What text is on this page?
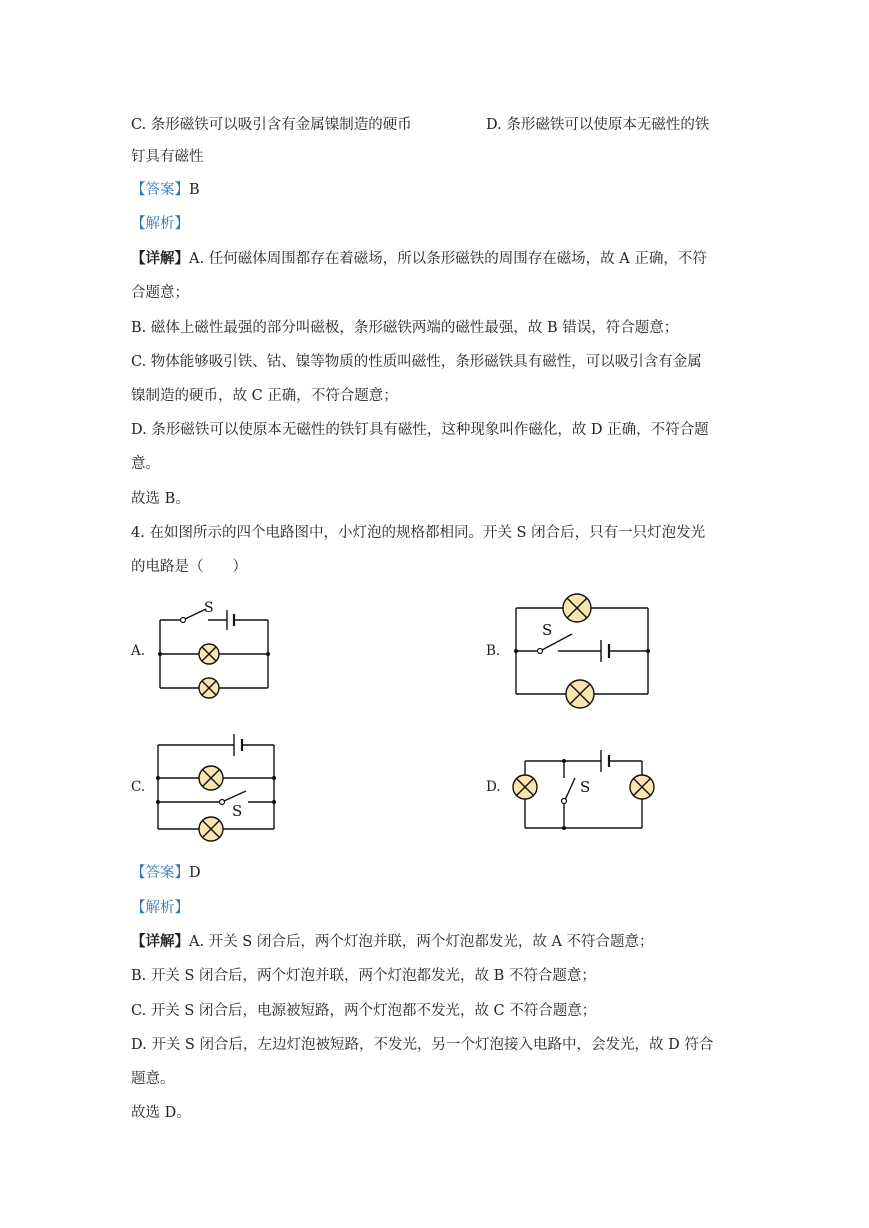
C. 条形磁铁可以吸引含有金属镍制造的硬币	D. 条形磁铁可以使原本无磁性的铁
钉具有磁性
【答案】B
【解析】
【详解】A. 任何磁体周围都存在着磁场，所以条形磁铁的周围存在磁场，故 A 正确，不符
合题意；
B. 磁体上磁性最强的部分叫磁极，条形磁铁两端的磁性最强，故 B 错误，符合题意；
C. 物体能够吸引铁、钴、镍等物质的性质叫磁性，条形磁铁具有磁性，可以吸引含有金属
镍制造的硬币，故 C 正确，不符合题意；
D. 条形磁铁可以使原本无磁性的铁钉具有磁性，这种现象叫作磁化，故 D 正确，不符合题
意。
故选 B。
4. 在如图所示的四个电路图中，小灯泡的规格都相同。开关 S 闭合后，只有一只灯泡发光
的电路是（　　）
A.
S
B.
S
C.
S
D.	S
【答案】D
【解析】
【详解】A. 开关 S 闭合后，两个灯泡并联，两个灯泡都发光，故 A 不符合题意；
B. 开关 S 闭合后，两个灯泡并联，两个灯泡都发光，故 B 不符合题意；
C. 开关 S 闭合后，电源被短路，两个灯泡都不发光，故 C 不符合题意；
D. 开关 S 闭合后，左边灯泡被短路，不发光，另一个灯泡接入电路中，会发光，故 D 符合
题意。
故选 D。
